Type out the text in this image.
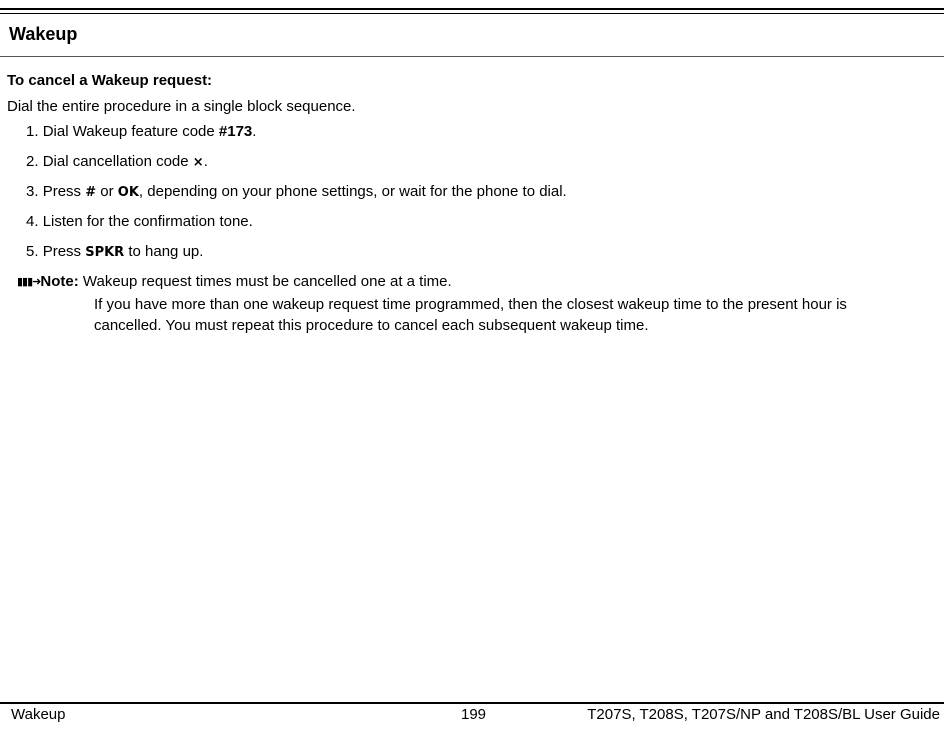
Wakeup
To cancel a Wakeup request:
Dial the entire procedure in a single block sequence.
1. Dial Wakeup feature code #173.
2. Dial cancellation code ×.
3. Press # or OK, depending on your phone settings, or wait for the phone to dial.
4. Listen for the confirmation tone.
5. Press SPKR to hang up.
▮▮▮➜Note: Wakeup request times must be cancelled one at a time.
If you have more than one wakeup request time programmed, then the closest wakeup time to the present hour is cancelled. You must repeat this procedure to cancel each subsequent wakeup time.
Wakeup	199	T207S, T208S, T207S/NP and T208S/BL User Guide
